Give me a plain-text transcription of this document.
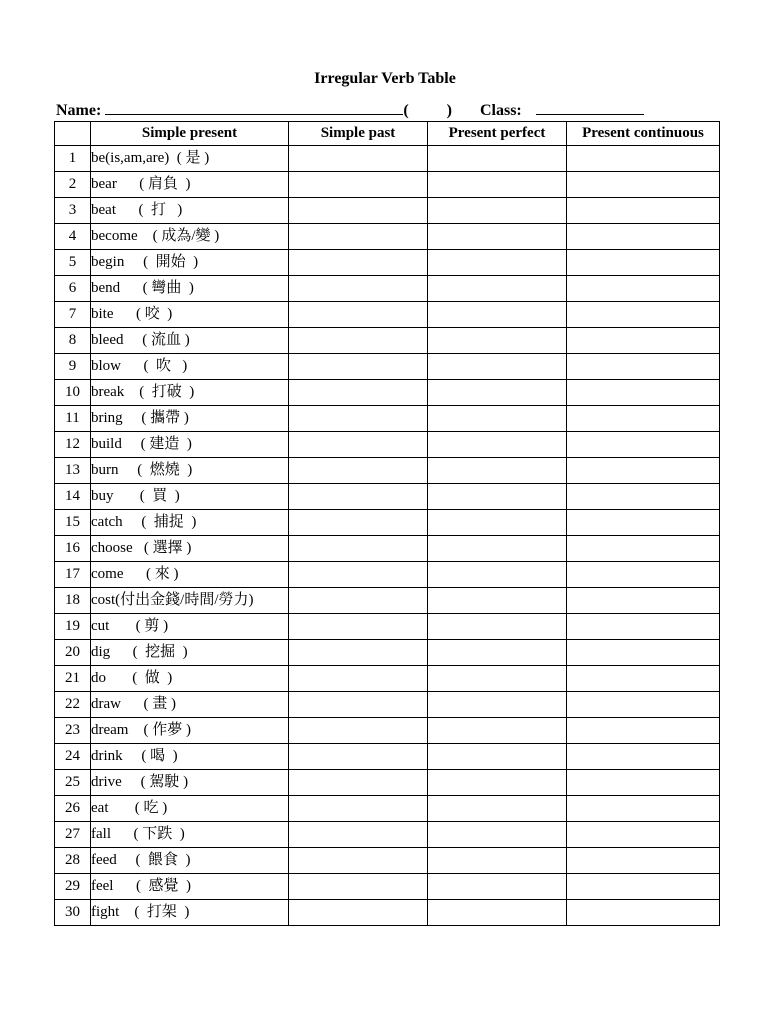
Irregular Verb Table
Name:	( ) Class:
	Simple present	Simple past	Present perfect	Present continuous
1	be(is,am,are)  ( 是 )			
2	bear      ( 肩負  )			
3	beat      (  打   )			
4	become    ( 成為/變 )			
5	begin     (  開始  )			
6	bend      ( 彎曲  )			
7	bite      ( 咬  )			
8	bleed     ( 流血 )			
9	blow      (  吹   )			
10	break    (  打破  )			
11	bring     ( 攜帶 )			
12	build     ( 建造  )			
13	burn     (  燃燒  )			
14	buy       (  買  )			
15	catch     (  捕捉  )			
16	choose   ( 選擇 )			
17	come      ( 來 )			
18	cost(付出金錢/時間/勞力)			
19	cut       ( 剪 )			
20	dig      (  挖掘  )			
21	do       (  做  )			
22	draw      ( 畫 )			
23	dream    ( 作夢 )			
24	drink     ( 喝  )			
25	drive     ( 駕駛 )			
26	eat       ( 吃 )			
27	fall      ( 下跌  )			
28	feed     (  餵食  )			
29	feel      (  感覺  )			
30	fight    (  打架  )			
